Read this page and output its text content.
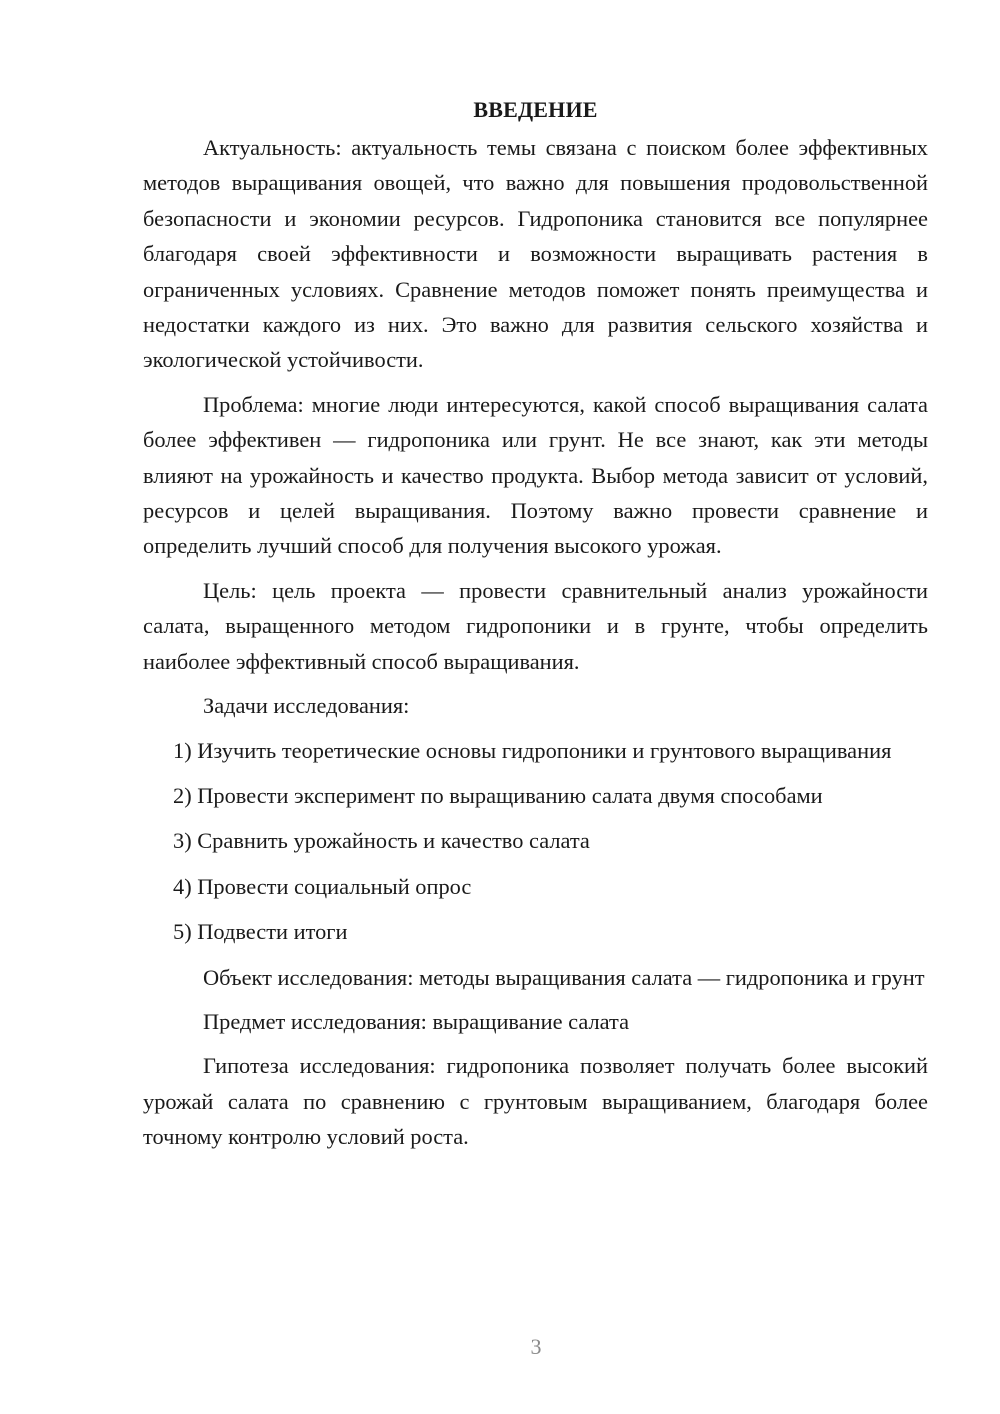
ВВЕДЕНИЕ

Актуальность: актуальность темы связана с поиском более эффективных методов выращивания овощей, что важно для повышения продовольственной безопасности и экономии ресурсов. Гидропоника становится все популярнее благодаря своей эффективности и возможности выращивать растения в ограниченных условиях. Сравнение методов поможет понять преимущества и недостатки каждого из них. Это важно для развития сельского хозяйства и экологической устойчивости.

Проблема: многие люди интересуются, какой способ выращивания салата более эффективен — гидропоника или грунт. Не все знают, как эти методы влияют на урожайность и качество продукта. Выбор метода зависит от условий, ресурсов и целей выращивания. Поэтому важно провести сравнение и определить лучший способ для получения высокого урожая.

Цель: цель проекта — провести сравнительный анализ урожайности салата, выращенного методом гидропоники и в грунте, чтобы определить наиболее эффективный способ выращивания.

Задачи исследования:

1) Изучить теоретические основы гидропоники и грунтового выращивания

2) Провести эксперимент по выращиванию салата двумя способами

3) Сравнить урожайность и качество салата

4) Провести социальный опрос

5) Подвести итоги

Объект исследования: методы выращивания салата — гидропоника и грунт

Предмет исследования: выращивание салата

Гипотеза исследования: гидропоника позволяет получать более высокий урожай салата по сравнению с грунтовым выращиванием, благодаря более точному контролю условий роста.

3
